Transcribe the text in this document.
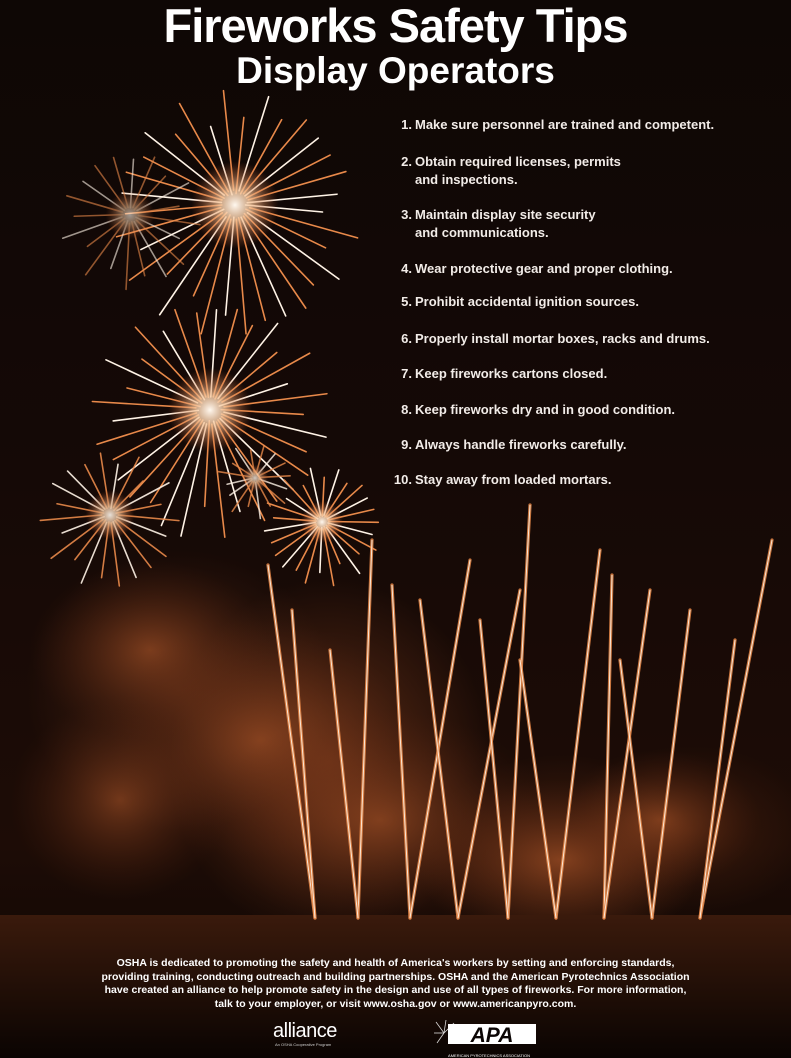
Fireworks Safety Tips
Display Operators
1. Make sure personnel are trained and competent.
2. Obtain required licenses, permits
and inspections.
3. Maintain display site security
and communications.
4. Wear protective gear and proper clothing.
5. Prohibit accidental ignition sources.
6. Properly install mortar boxes, racks and drums.
7. Keep fireworks cartons closed.
8. Keep fireworks dry and in good condition.
9. Always handle fireworks carefully.
10. Stay away from loaded mortars.
OSHA is dedicated to promoting the safety and health of America's workers by setting and enforcing standards,
providing training, conducting outreach and building partnerships. OSHA and the American Pyrotechnics Association
have created an alliance to help promote safety in the design and use of all types of fireworks. For more information,
talk to your employer, or visit www.osha.gov or www.americanpyro.com.
alliance
An OSHA Cooperative Program	APA
AMERICAN PYROTECHNICS ASSOCIATION
